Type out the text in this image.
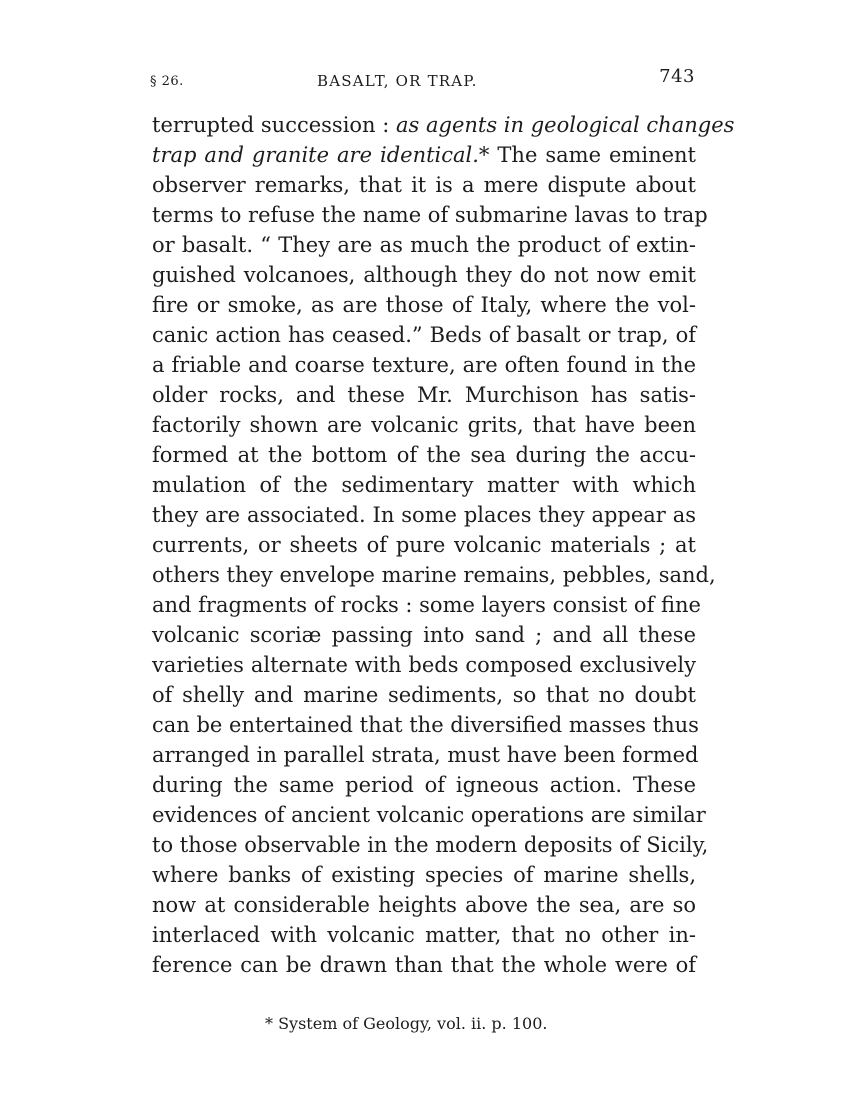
§ 26.	BASALT, OR TRAP.	743
terrupted succession : as agents in geological changes
trap and granite are identical.* The same eminent
observer remarks, that it is a mere dispute about
terms to refuse the name of submarine lavas to trap
or basalt. “ They are as much the product of extin-
guished volcanoes, although they do not now emit
fire or smoke, as are those of Italy, where the vol-
canic action has ceased.” Beds of basalt or trap, of
a friable and coarse texture, are often found in the
older rocks, and these Mr. Murchison has satis-
factorily shown are volcanic grits, that have been
formed at the bottom of the sea during the accu-
mulation of the sedimentary matter with which
they are associated. In some places they appear as
currents, or sheets of pure volcanic materials ; at
others they envelope marine remains, pebbles, sand,
and fragments of rocks : some layers consist of fine
volcanic scoriæ passing into sand ; and all these
varieties alternate with beds composed exclusively
of shelly and marine sediments, so that no doubt
can be entertained that the diversified masses thus
arranged in parallel strata, must have been formed
during the same period of igneous action. These
evidences of ancient volcanic operations are similar
to those observable in the modern deposits of Sicily,
where banks of existing species of marine shells,
now at considerable heights above the sea, are so
interlaced with volcanic matter, that no other in-
ference can be drawn than that the whole were of
* System of Geology, vol. ii. p. 100.
